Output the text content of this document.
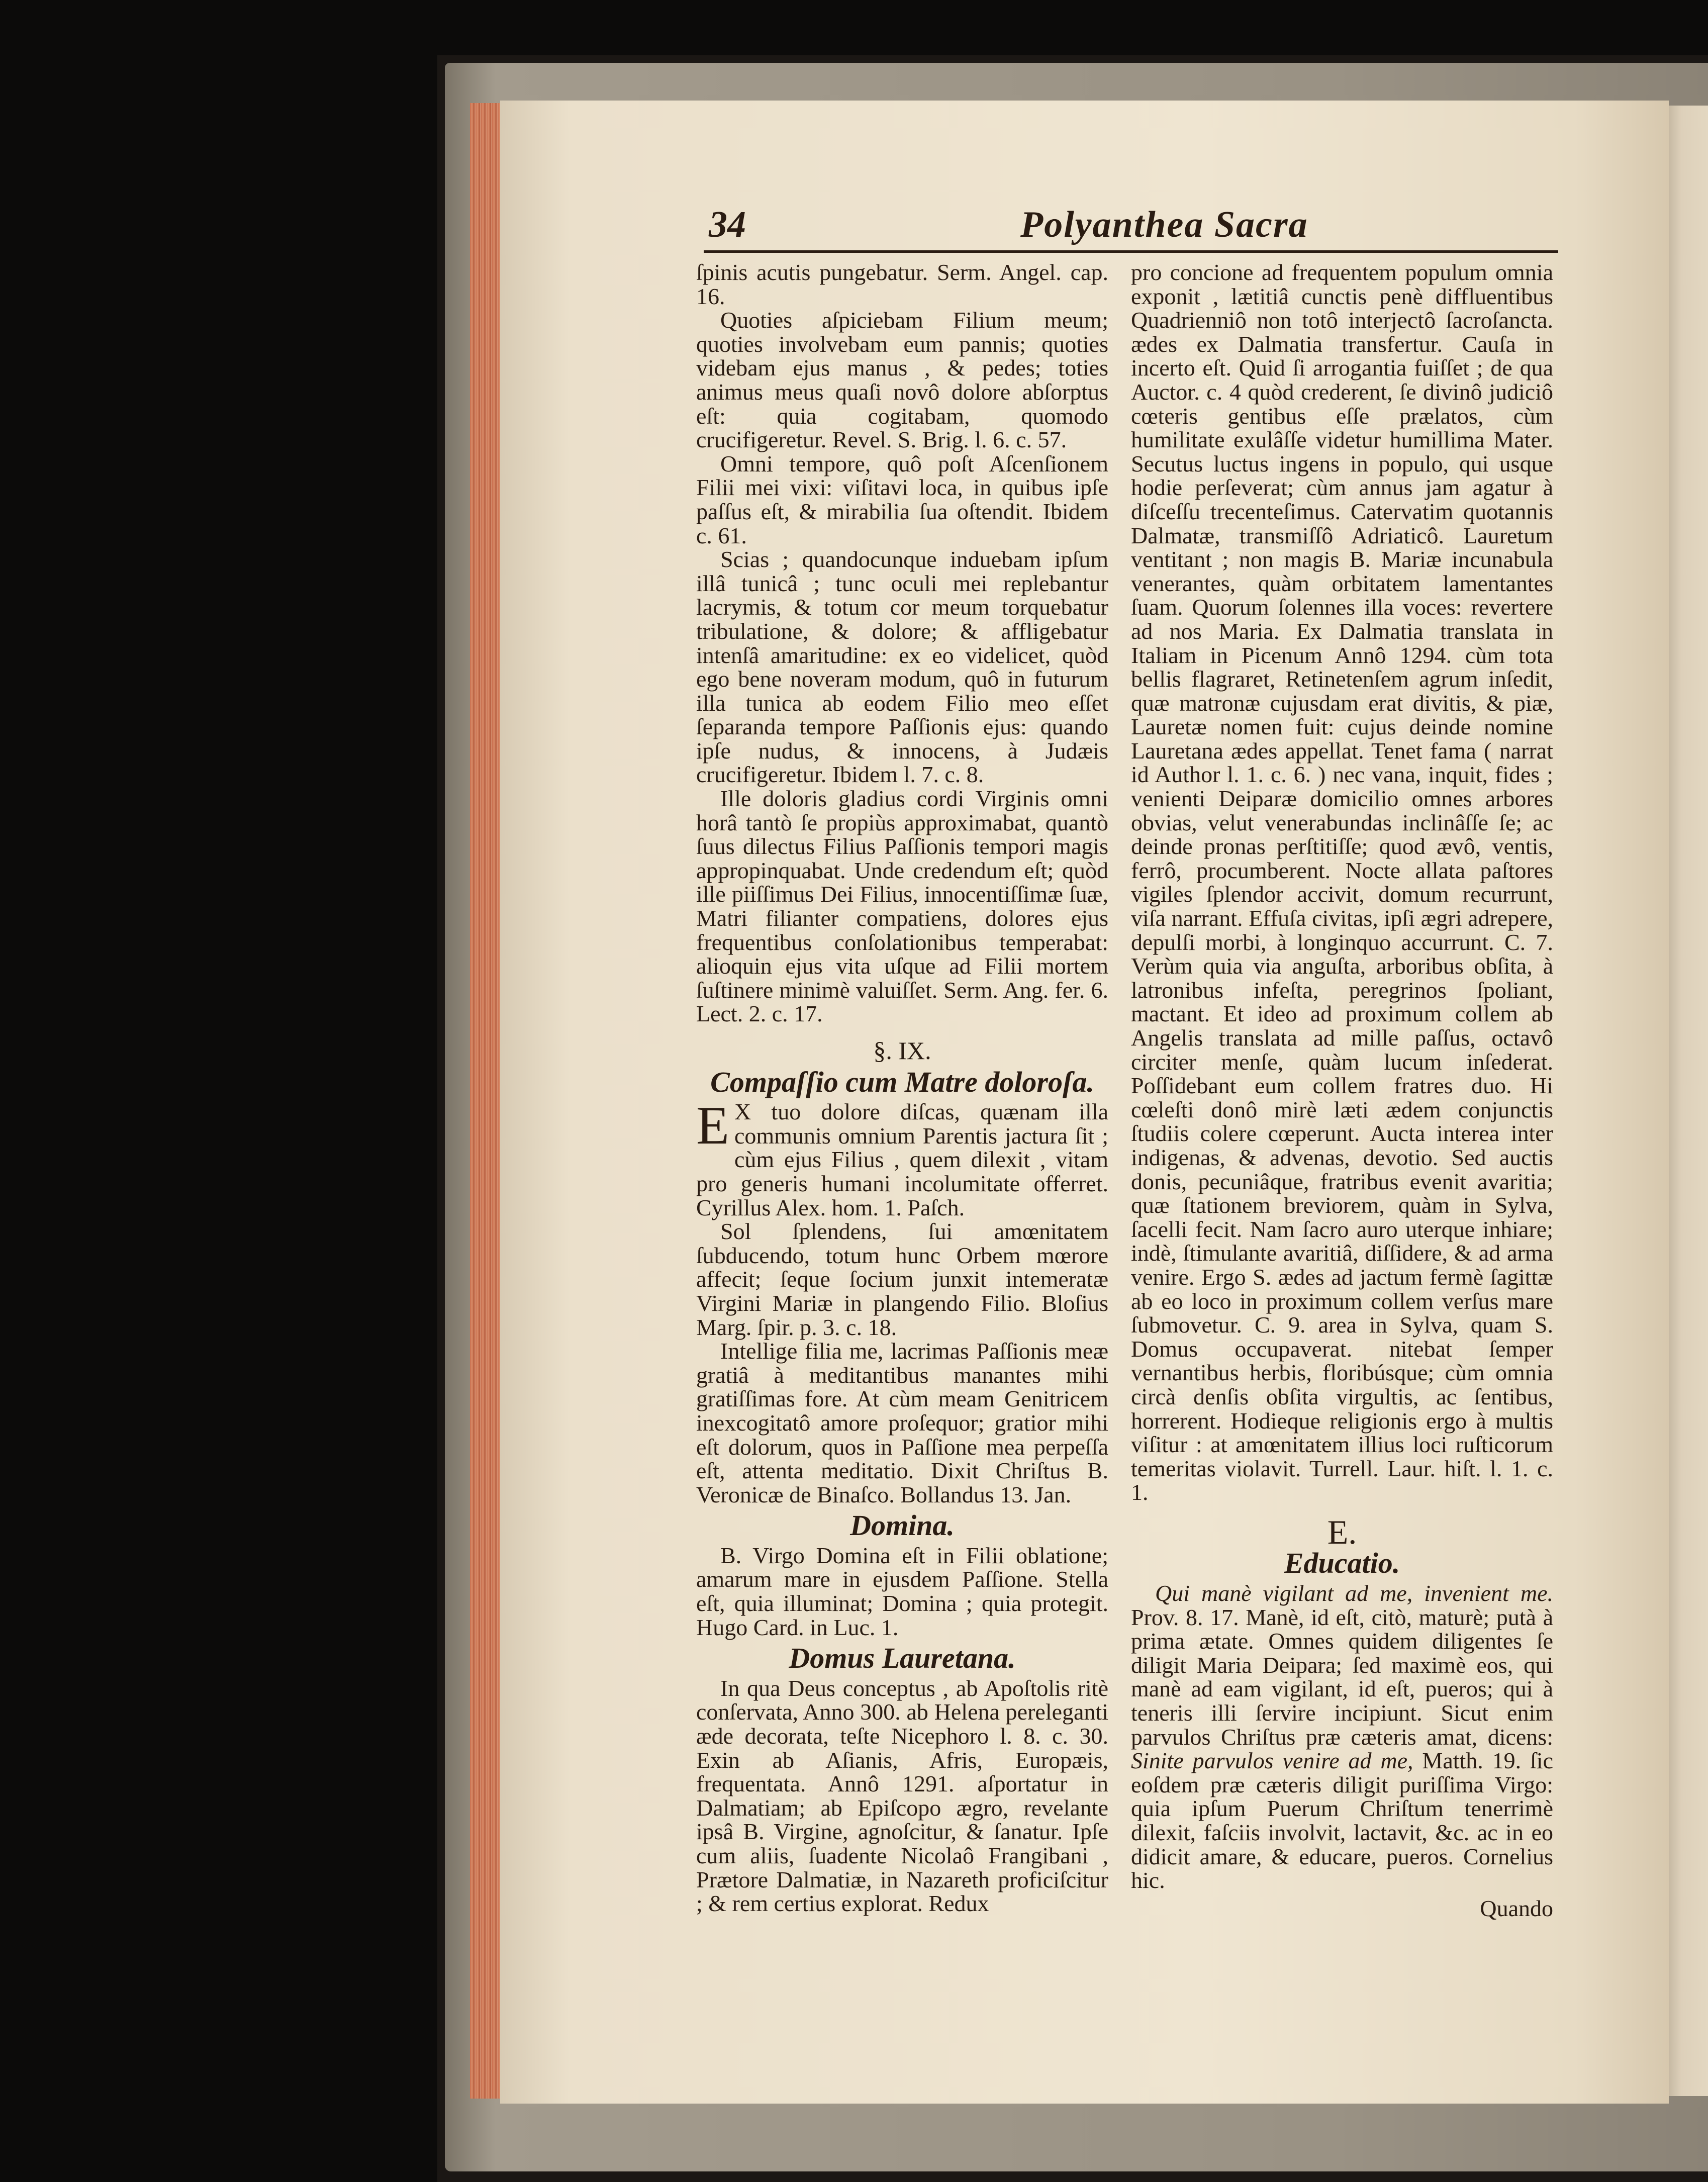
34	Polyanthea Sacra

ſpinis acutis pungebatur. Serm. Angel. cap. 16.

Quoties aſpiciebam Filium meum; quoties involvebam eum pannis; quoties videbam ejus manus , & pedes; toties animus meus quaſi novô dolore abſorptus eſt: quia cogitabam, quomodo crucifigeretur. Revel. S. Brig. l. 6. c. 57.

Omni tempore, quô poſt Aſcenſionem Filii mei vixi: viſitavi loca, in quibus ipſe paſſus eſt, & mirabilia ſua oſtendit. Ibidem c. 61.

Scias ; quandocunque induebam ipſum illâ tunicâ ; tunc oculi mei replebantur lacrymis, & totum cor meum torquebatur tribulatione, & dolore; & affligebatur intenſâ amaritudine: ex eo videlicet, quòd ego bene noveram modum, quô in futurum illa tunica ab eodem Filio meo eſſet ſeparanda tempore Paſſionis ejus: quando ipſe nudus, & innocens, à Judæis crucifigeretur. Ibidem l. 7. c. 8.

Ille doloris gladius cordi Virginis omni horâ tantò ſe propiùs approximabat, quantò ſuus dilectus Filius Paſſionis tempori magis appropinquabat. Unde credendum eſt; quòd ille piiſſimus Dei Filius, innocentiſſimæ ſuæ, Matri filianter compatiens, dolores ejus frequentibus conſolationibus temperabat: alioquin ejus vita uſque ad Filii mortem ſuſtinere minimè valuiſſet. Serm. Ang. fer. 6. Lect. 2. c. 17.

§. IX.
Compaſſio cum Matre doloroſa.

E X tuo dolore diſcas, quænam illa communis omnium Parentis jactura ſit ; cùm ejus Filius , quem dilexit , vitam pro generis humani incolumitate offerret. Cyrillus Alex. hom. 1. Paſch.

Sol ſplendens, ſui amœnitatem ſubducendo, totum hunc Orbem mœrore affecit; ſeque ſocium junxit intemeratæ Virgini Mariæ in plangendo Filio. Bloſius Marg. ſpir. p. 3. c. 18.

Intellige filia me, lacrimas Paſſionis meæ gratiâ à meditantibus manantes mihi gratiſſimas fore. At cùm meam Genitricem inexcogitatô amore proſequor; gratior mihi eſt dolorum, quos in Paſſione mea perpeſſa eſt, attenta meditatio. Dixit Chriſtus B. Veronicæ de Binaſco. Bollandus 13. Jan.

Domina.

B. Virgo Domina eſt in Filii oblatione; amarum mare in ejusdem Paſſione. Stella eſt, quia illuminat; Domina ; quia protegit. Hugo Card. in Luc. 1.

Domus Lauretana.

In qua Deus conceptus , ab Apoſtolis ritè conſervata, Anno 300. ab Helena pereleganti æde decorata, teſte Nicephoro l. 8. c. 30. Exin ab Aſianis, Afris, Europæis, frequentata. Annô 1291. aſportatur in Dalmatiam; ab Epiſcopo ægro, revelante ipsâ B. Virgine, agnoſcitur, & ſanatur. Ipſe cum aliis, ſuadente Nicolaô Frangibani , Prætore Dalmatiæ, in Nazareth proficiſcitur ; & rem certius explorat. Redux

pro concione ad frequentem populum omnia exponit , lætitiâ cunctis penè diffluentibus Quadrienniô non totô interjectô ſacroſancta. ædes ex Dalmatia transfertur. Cauſa in incerto eſt. Quid ſi arrogantia fuiſſet ; de qua Auctor. c. 4 quòd crederent, ſe divinô judiciô cœteris gentibus eſſe prælatos, cùm humilitate exulâſſe videtur humillima Mater. Secutus luctus ingens in populo, qui usque hodie perſeverat; cùm annus jam agatur à diſceſſu trecenteſimus. Catervatim quotannis Dalmatæ, transmiſſô Adriaticô. Lauretum ventitant ; non magis B. Mariæ incunabula venerantes, quàm orbitatem lamentantes ſuam. Quorum ſolennes illa voces: revertere ad nos Maria. Ex Dalmatia translata in Italiam in Picenum Annô 1294. cùm tota bellis flagraret, Retinetenſem agrum inſedit, quæ matronæ cujusdam erat divitis, & piæ, Lauretæ nomen fuit: cujus deinde nomine Lauretana ædes appellat. Tenet fama ( narrat id Author l. 1. c. 6. ) nec vana, inquit, fides ; venienti Deiparæ domicilio omnes arbores obvias, velut venerabundas inclinâſſe ſe; ac deinde pronas perſtitiſſe; quod ævô, ventis, ferrô, procumberent. Nocte allata paſtores vigiles ſplendor accivit, domum recurrunt, viſa narrant. Effuſa civitas, ipſi ægri adrepere, depulſi morbi, à longinquo accurrunt. C. 7. Verùm quia via anguſta, arboribus obſita, à latronibus infeſta, peregrinos ſpoliant, mactant. Et ideo ad proximum collem ab Angelis translata ad mille paſſus, octavô circiter menſe, quàm lucum inſederat. Poſſidebant eum collem fratres duo. Hi cœleſti donô mirè læti ædem conjunctis ſtudiis colere cœperunt. Aucta interea inter indigenas, & advenas, devotio. Sed auctis donis, pecuniâque, fratribus evenit avaritia; quæ ſtationem breviorem, quàm in Sylva, ſacelli fecit. Nam ſacro auro uterque inhiare; indè, ſtimulante avaritiâ, diſſidere, & ad arma venire. Ergo S. ædes ad jactum fermè ſagittæ ab eo loco in proximum collem verſus mare ſubmovetur. C. 9. area in Sylva, quam S. Domus occupaverat. nitebat ſemper vernantibus herbis, floribúsque; cùm omnia circà denſis obſita virgultis, ac ſentibus, horrerent. Hodieque religionis ergo à multis viſitur : at amœnitatem illius loci ruſticorum temeritas violavit. Turrell. Laur. hiſt. l. 1. c. 1.

E.
Educatio.

Qui manè vigilant ad me, invenient me. Prov. 8. 17. Manè, id eſt, citò, maturè; putà à prima ætate. Omnes quidem diligentes ſe diligit Maria Deipara; ſed maximè eos, qui manè ad eam vigilant, id eſt, pueros; qui à teneris illi ſervire incipiunt. Sicut enim parvulos Chriſtus præ cæteris amat, dicens: Sinite parvulos venire ad me, Matth. 19. ſic eoſdem præ cæteris diligit puriſſima Virgo: quia ipſum Puerum Chriſtum tenerrimè dilexit, faſciis involvit, lactavit, &c. ac in eo didicit amare, & educare, pueros. Cornelius hic.

Quando
